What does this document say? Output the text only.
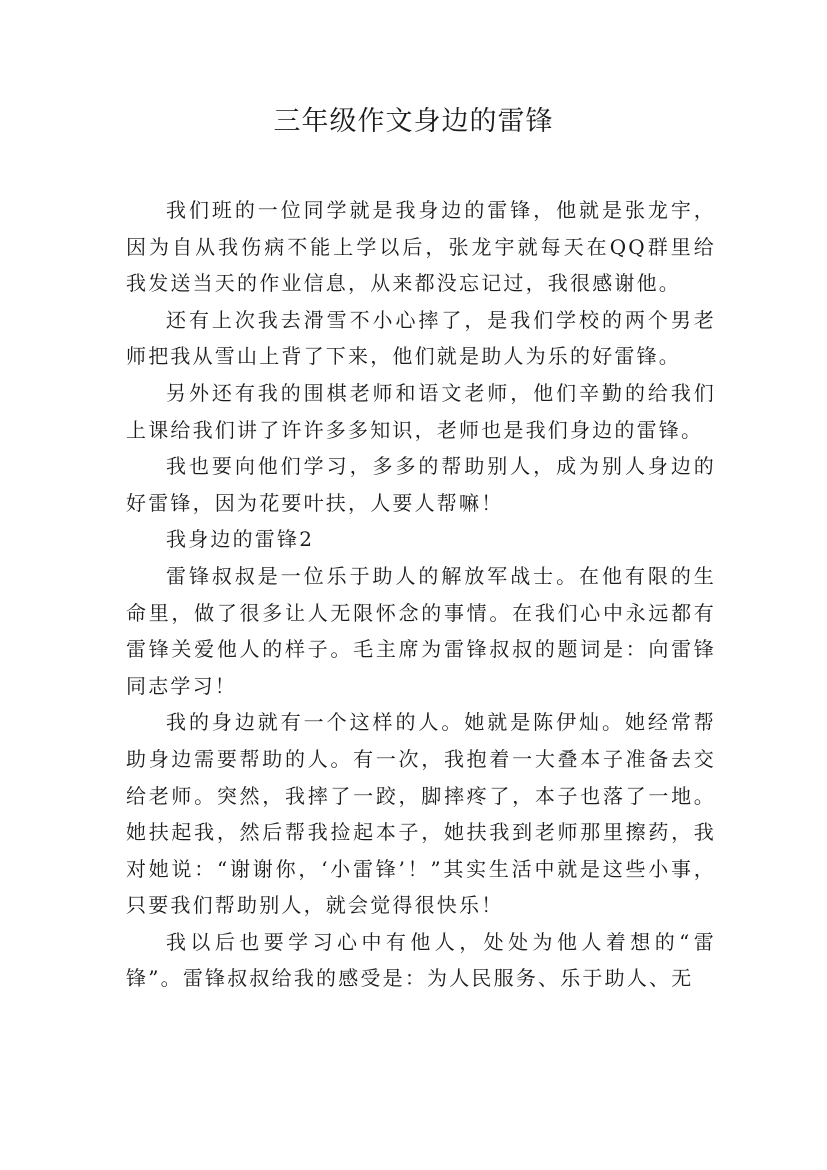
三年级作文身边的雷锋

我们班的一位同学就是我身边的雷锋，他就是张龙宇，因为自从我伤病不能上学以后，张龙宇就每天在QQ群里给我发送当天的作业信息，从来都没忘记过，我很感谢他。

还有上次我去滑雪不小心摔了，是我们学校的两个男老师把我从雪山上背了下来，他们就是助人为乐的好雷锋。

另外还有我的围棋老师和语文老师，他们辛勤的给我们上课给我们讲了许许多多知识，老师也是我们身边的雷锋。

我也要向他们学习，多多的帮助别人，成为别人身边的好雷锋，因为花要叶扶，人要人帮嘛！

我身边的雷锋2

雷锋叔叔是一位乐于助人的解放军战士。在他有限的生命里，做了很多让人无限怀念的事情。在我们心中永远都有雷锋关爱他人的样子。毛主席为雷锋叔叔的题词是：向雷锋同志学习！

我的身边就有一个这样的人。她就是陈伊灿。她经常帮助身边需要帮助的人。有一次，我抱着一大叠本子准备去交给老师。突然，我摔了一跤，脚摔疼了，本子也落了一地。她扶起我，然后帮我捡起本子，她扶我到老师那里擦药，我对她说：“谢谢你，‘小雷锋’！”其实生活中就是这些小事，只要我们帮助别人，就会觉得很快乐！

我以后也要学习心中有他人，处处为他人着想的“雷锋”。雷锋叔叔给我的感受是：为人民服务、乐于助人、无
